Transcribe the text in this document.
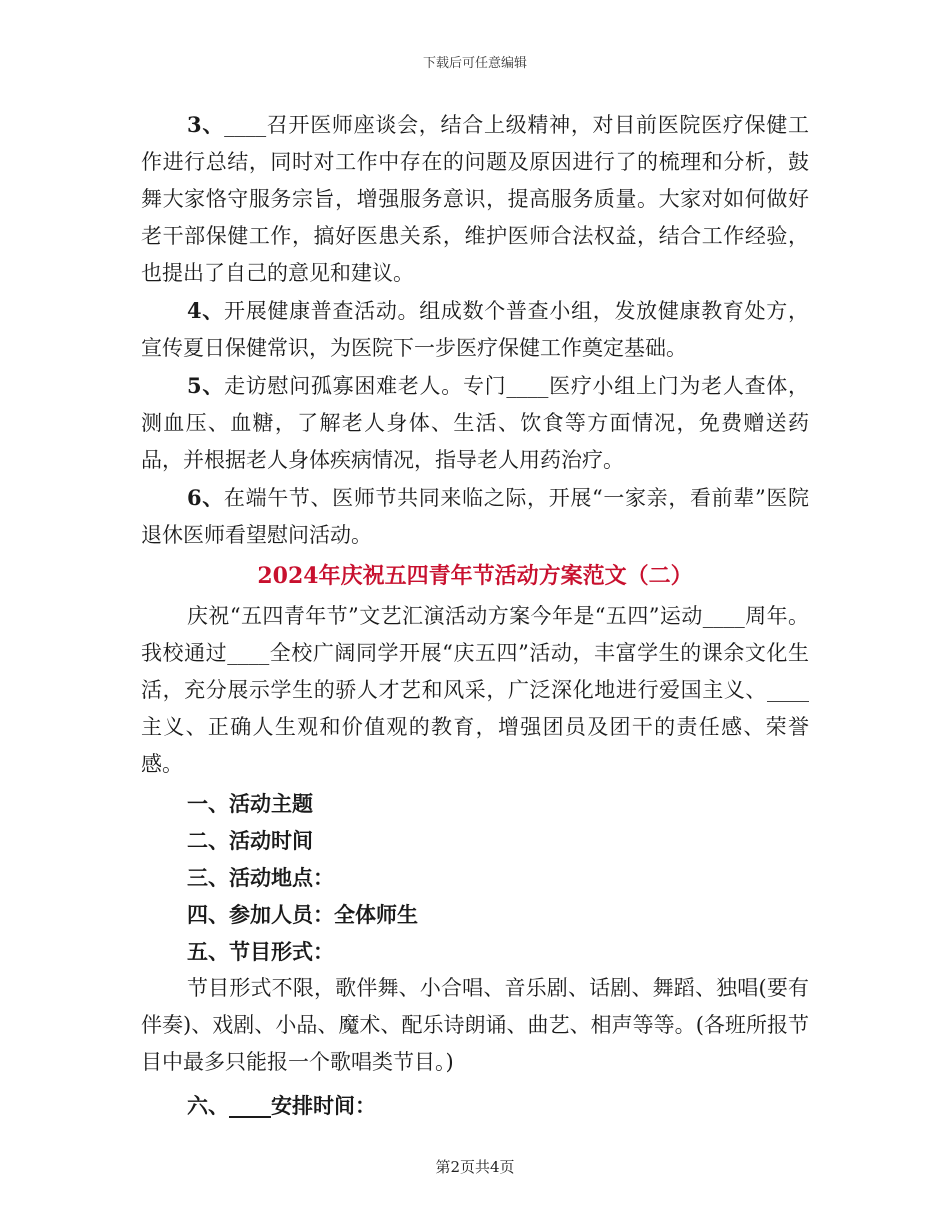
下载后可任意编辑

3、____召开医师座谈会，结合上级精神，对目前医院医疗保健工作进行总结，同时对工作中存在的问题及原因进行了的梳理和分析，鼓舞大家恪守服务宗旨，增强服务意识，提高服务质量。大家对如何做好老干部保健工作，搞好医患关系，维护医师合法权益，结合工作经验，也提出了自己的意见和建议。

4、开展健康普查活动。组成数个普查小组，发放健康教育处方，宣传夏日保健常识，为医院下一步医疗保健工作奠定基础。

5、走访慰问孤寡困难老人。专门____医疗小组上门为老人查体，测血压、血糖，了解老人身体、生活、饮食等方面情况，免费赠送药品，并根据老人身体疾病情况，指导老人用药治疗。

6、在端午节、医师节共同来临之际，开展“一家亲，看前辈”医院退休医师看望慰问活动。

2024年庆祝五四青年节活动方案范文（二）

庆祝“五四青年节”文艺汇演活动方案今年是“五四”运动____周年。我校通过____全校广阔同学开展“庆五四”活动，丰富学生的课余文化生活，充分展示学生的骄人才艺和风采，广泛深化地进行爱国主义、____主义、正确人生观和价值观的教育，增强团员及团干的责任感、荣誉感。

一、活动主题

二、活动时间

三、活动地点：

四、参加人员：全体师生

五、节目形式：

节目形式不限，歌伴舞、小合唱、音乐剧、话剧、舞蹈、独唱(要有伴奏)、戏剧、小品、魔术、配乐诗朗诵、曲艺、相声等等。(各班所报节目中最多只能报一个歌唱类节目。)

六、____安排时间：

第2页共4页
